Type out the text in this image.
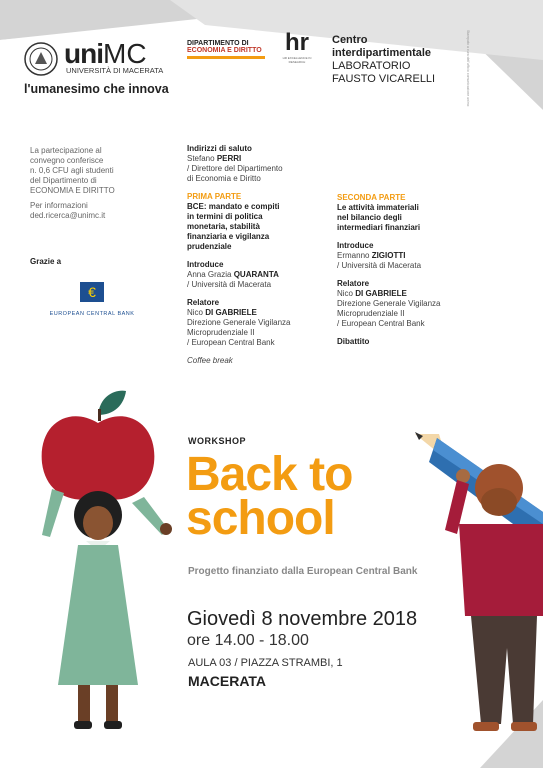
uniMC
UNIVERSITÀ DI MACERATA
l'umanesimo che innova
DIPARTIMENTO DI
ECONOMIA E DIRITTO hr
HR EXCELLENCE IN RESEARCH
Centro
interdipartimentale
LABORATORIO
FAUSTO VICARELLI	Stampato a cura dell'ufficio comunicazione unimc
La partecipazione al
convegno conferisce
n. 0,6 CFU agli studenti
del Dipartimento di
ECONOMIA E DIRITTO
Per informazioni
ded.ricerca@unimc.it
Grazie a
€
EUROPEAN CENTRAL BANK
Indirizzi di saluto
Stefano PERRI
/ Direttore del Dipartimento
di Economia e Diritto
PRIMA PARTE
BCE: mandato e compiti
in termini di politica
monetaria, stabilità
finanziaria e vigilanza
prudenziale
Introduce
Anna Grazia QUARANTA
/ Università di Macerata
Relatore
Nico DI GABRIELE
Direzione Generale Vigilanza
Microprudenziale II
/ European Central Bank
Coffee break
SECONDA PARTE
Le attività immateriali
nel bilancio degli
intermediari finanziari
Introduce
Ermanno ZIGIOTTI
/ Università di Macerata
Relatore
Nico DI GABRIELE
Direzione Generale Vigilanza
Microprudenziale II
/ European Central Bank
Dibattito
WORKSHOP
Back to
school
Progetto finanziato dalla European Central Bank
Giovedì 8 novembre 2018
ore 14.00 - 18.00
AULA 03 / PIAZZA STRAMBI, 1
MACERATA
